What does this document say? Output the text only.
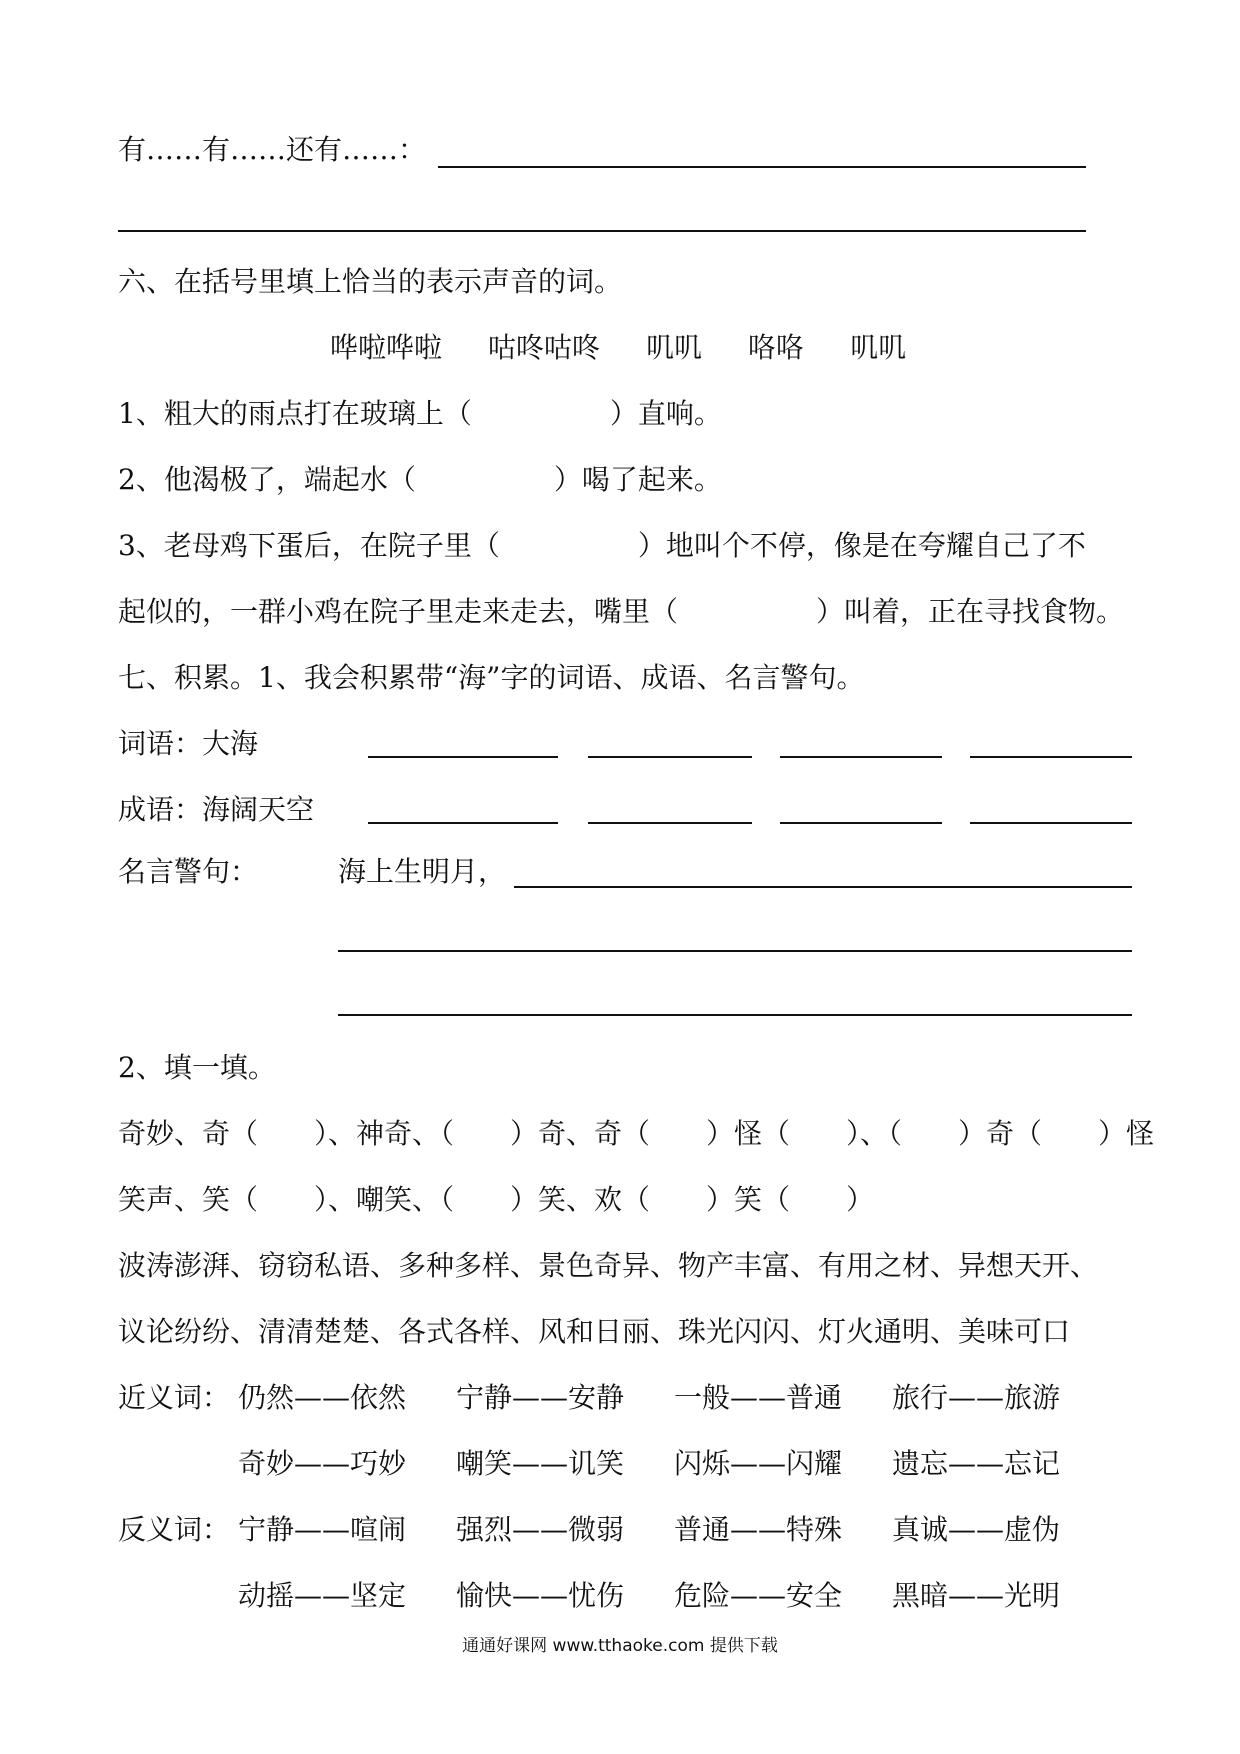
有……有……还有……：
六、在括号里填上恰当的表示声音的词。
哗啦哗啦 咕咚咕咚 叽叽 咯咯 叽叽
1、粗大的雨点打在玻璃上（	）直响。
2、他渴极了，端起水（	）喝了起来。
3、老母鸡下蛋后，在院子里（	）地叫个不停，像是在夸耀自己了不
起似的，一群小鸡在院子里走来走去，嘴里（	）叫着，正在寻找食物。
七、积累。1、我会积累带“海”字的词语、成语、名言警句。
词语：大海
成语：海阔天空
名言警句：	海上生明月，
2、填一填。
奇妙、奇（　　）、神奇、（　　）奇、奇（　　）怪（　　）、（　　）奇（　　）怪
笑声、笑（　　）、嘲笑、（　　）笑、欢（　　）笑（　　）
波涛澎湃、窃窃私语、多种多样、景色奇异、物产丰富、有用之材、异想天开、
议论纷纷、清清楚楚、各式各样、风和日丽、珠光闪闪、灯火通明、美味可口
近义词： 仍然——依然 宁静——安静 一般——普通 旅行——旅游
奇妙——巧妙 嘲笑——讥笑 闪烁——闪耀 遗忘——忘记
反义词： 宁静——喧闹 强烈——微弱 普通——特殊 真诚——虚伪
动摇——坚定 愉快——忧伤 危险——安全 黑暗——光明
通通好课网 www.tthaoke.com 提供下载
